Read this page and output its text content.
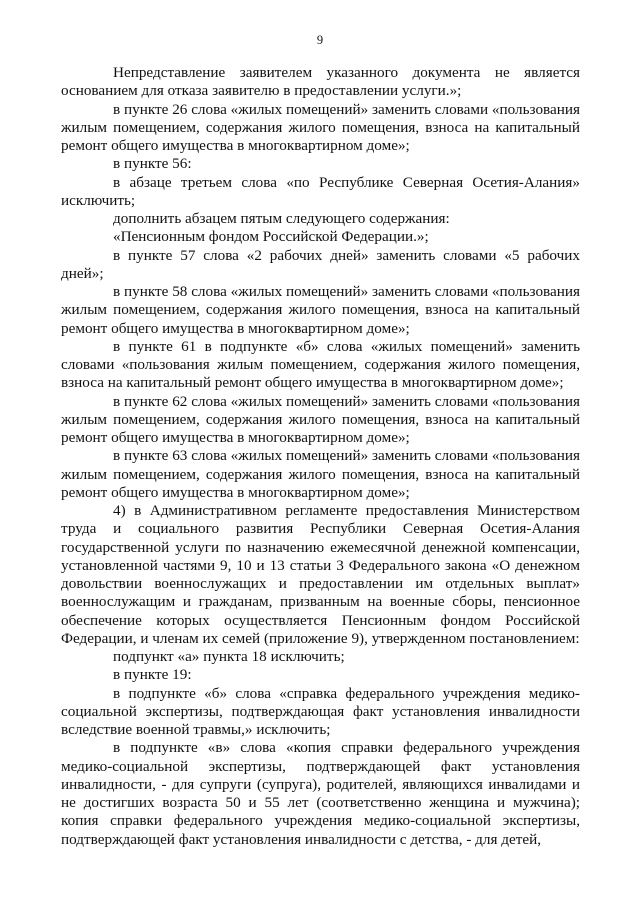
9

Непредставление заявителем указанного документа не является основанием для отказа заявителю в предоставлении услуги.»;

в пункте 26 слова «жилых помещений» заменить словами «пользования жилым помещением, содержания жилого помещения, взноса на капитальный ремонт общего имущества в многоквартирном доме»;

в пункте 56:

в абзаце третьем слова «по Республике Северная Осетия-Алания» исключить;

дополнить абзацем пятым следующего содержания:

«Пенсионным фондом Российской Федерации.»;

в пункте 57 слова «2 рабочих дней» заменить словами «5 рабочих дней»;

в пункте 58 слова «жилых помещений» заменить словами «пользования жилым помещением, содержания жилого помещения, взноса на капитальный ремонт общего имущества в многоквартирном доме»;

в пункте 61 в подпункте «б» слова «жилых помещений» заменить словами «пользования жилым помещением, содержания жилого помещения, взноса на капитальный ремонт общего имущества в многоквартирном доме»;

в пункте 62 слова «жилых помещений» заменить словами «пользования жилым помещением, содержания жилого помещения, взноса на капитальный ремонт общего имущества в многоквартирном доме»;

в пункте 63 слова «жилых помещений» заменить словами «пользования жилым помещением, содержания жилого помещения, взноса на капитальный ремонт общего имущества в многоквартирном доме»;

4) в Административном регламенте предоставления Министерством труда и социального развития Республики Северная Осетия-Алания государственной услуги по назначению ежемесячной денежной компенсации, установленной частями 9, 10 и 13 статьи 3 Федерального закона «О денежном довольствии военнослужащих и предоставлении им отдельных выплат» военнослужащим и гражданам, призванным на военные сборы, пенсионное обеспечение которых осуществляется Пенсионным фондом Российской Федерации, и членам их семей (приложение 9), утвержденном постановлением:

подпункт «а» пункта 18 исключить;

в пункте 19:

в подпункте «б» слова «справка федерального учреждения медико-социальной экспертизы, подтверждающая факт установления инвалидности вследствие военной травмы,» исключить;

в подпункте «в» слова «копия справки федерального учреждения медико-социальной экспертизы, подтверждающей факт установления инвалидности, - для супруги (супруга), родителей, являющихся инвалидами и не достигших возраста 50 и 55 лет (соответственно женщина и мужчина); копия справки федерального учреждения медико-социальной экспертизы, подтверждающей факт установления инвалидности с детства, - для детей,
